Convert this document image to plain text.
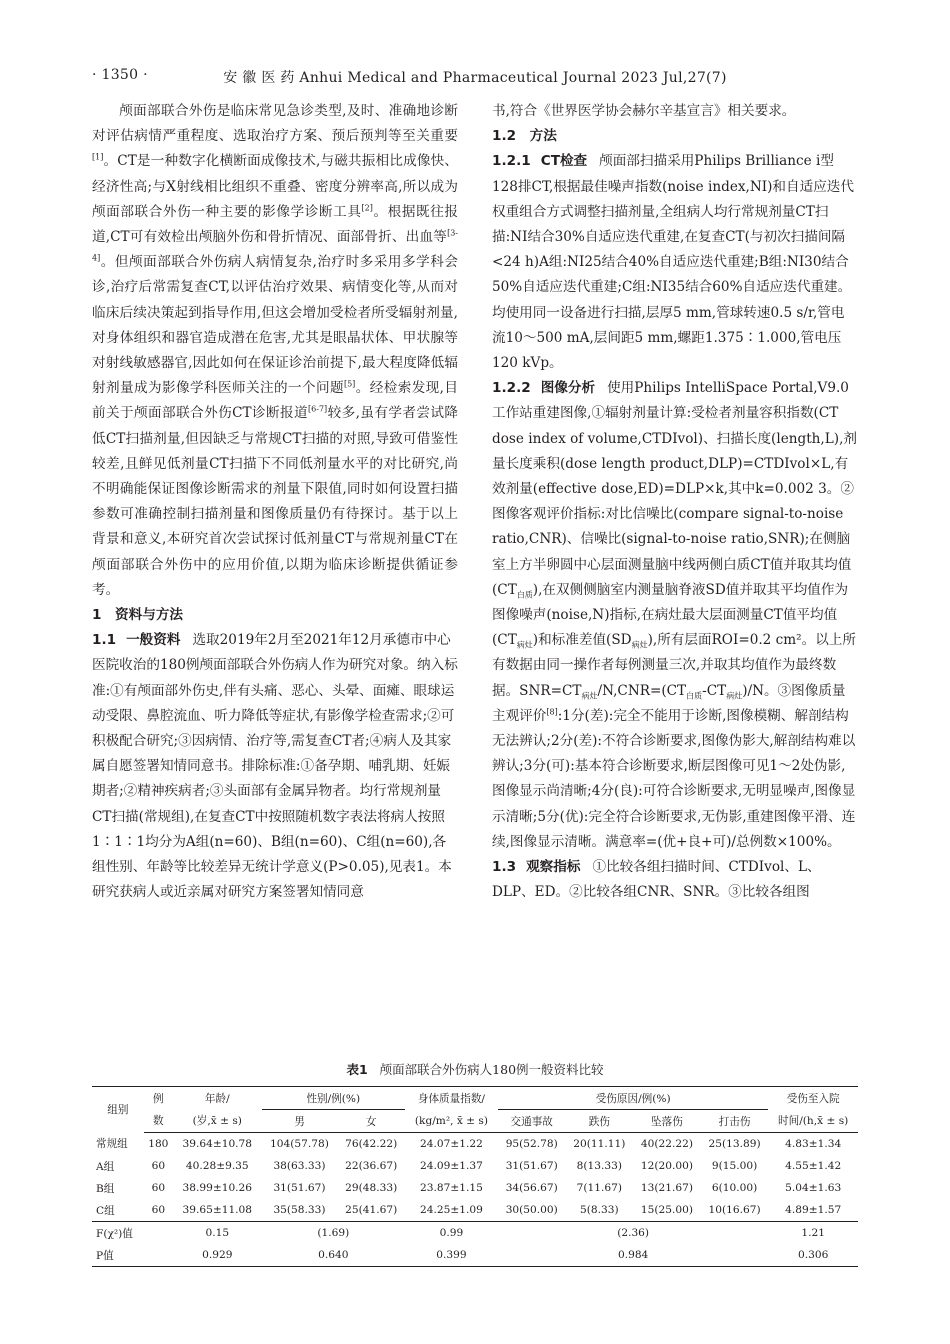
· 1350 ·	安 徽 医 药 Anhui Medical and Pharmaceutical Journal 2023 Jul,27(7)

颅面部联合外伤是临床常见急诊类型,及时、准确地诊断对评估病情严重程度、选取治疗方案、预后预判等至关重要[1]。CT是一种数字化横断面成像技术,与磁共振相比成像快、经济性高;与X射线相比组织不重叠、密度分辨率高,所以成为颅面部联合外伤一种主要的影像学诊断工具[2]。根据既往报道,CT可有效检出颅脑外伤和骨折情况、面部骨折、出血等[3-4]。但颅面部联合外伤病人病情复杂,治疗时多采用多学科会诊,治疗后常需复查CT,以评估治疗效果、病情变化等,从而对临床后续决策起到指导作用,但这会增加受检者所受辐射剂量,对身体组织和器官造成潜在危害,尤其是眼晶状体、甲状腺等对射线敏感器官,因此如何在保证诊治前提下,最大程度降低辐射剂量成为影像学科医师关注的一个问题[5]。经检索发现,目前关于颅面部联合外伤CT诊断报道[6-7]较多,虽有学者尝试降低CT扫描剂量,但因缺乏与常规CT扫描的对照,导致可借鉴性较差,且鲜见低剂量CT扫描下不同低剂量水平的对比研究,尚不明确能保证图像诊断需求的剂量下限值,同时如何设置扫描参数可准确控制扫描剂量和图像质量仍有待探讨。基于以上背景和意义,本研究首次尝试探讨低剂量CT与常规剂量CT在颅面部联合外伤中的应用价值,以期为临床诊断提供循证参考。

1　资料与方法

1.1 一般资料 选取2019年2月至2021年12月承德市中心医院收治的180例颅面部联合外伤病人作为研究对象。纳入标准:①有颅面部外伤史,伴有头痛、恶心、头晕、面瘫、眼球运动受限、鼻腔流血、听力降低等症状,有影像学检查需求;②可积极配合研究;③因病情、治疗等,需复查CT者;④病人及其家属自愿签署知情同意书。排除标准:①备孕期、哺乳期、妊娠期者;②精神疾病者;③头面部有金属异物者。均行常规剂量CT扫描(常规组),在复查CT中按照随机数字表法将病人按照1∶1∶1均分为A组(n=60)、B组(n=60)、C组(n=60),各组性别、年龄等比较差异无统计学意义(P>0.05),见表1。本研究获病人或近亲属对研究方案签署知情同意

书,符合《世界医学协会赫尔辛基宣言》相关要求。

1.2　方法

1.2.1 CT检查 颅面部扫描采用Philips Brilliance i型128排CT,根据最佳噪声指数(noise index,NI)和自适应迭代权重组合方式调整扫描剂量,全组病人均行常规剂量CT扫描:NI结合30%自适应迭代重建,在复查CT(与初次扫描间隔<24 h)A组:NI25结合40%自适应迭代重建;B组:NI30结合50%自适应迭代重建;C组:NI35结合60%自适应迭代重建。均使用同一设备进行扫描,层厚5 mm,管球转速0.5 s/r,管电流10～500 mA,层间距5 mm,螺距1.375∶1.000,管电压120 kVp。

1.2.2 图像分析 使用Philips IntelliSpace Portal,V9.0工作站重建图像,①辐射剂量计算:受检者剂量容积指数(CT dose index of volume,CTDIvol)、扫描长度(length,L),剂量长度乘积(dose length product,DLP)=CTDIvol×L,有效剂量(effective dose,ED)=DLP×k,其中k=0.002 3。②图像客观评价指标:对比信噪比(compare signal-to-noise ratio,CNR)、信噪比(signal-to-noise ratio,SNR);在侧脑室上方半卵圆中心层面测量脑中线两侧白质CT值并取其均值$(CT_{白质})$,在双侧侧脑室内测量脑脊液SD值并取其平均值作为图像噪声(noise,N)指标,在病灶最大层面测量CT值平均值$(CT_{病灶})$和标准差值$(SD_{病灶})$,所有层面ROI=0.2 cm²。以上所有数据由同一操作者每例测量三次,并取其均值作为最终数据。$SNR=CT_{病灶}/N,CNR=(CT_{白质}-CT_{病灶})/N$。③图像质量主观评价[8]:1分(差):完全不能用于诊断,图像模糊、解剖结构无法辨认;2分(差):不符合诊断要求,图像伪影大,解剖结构难以辨认;3分(可):基本符合诊断要求,断层图像可见1～2处伪影,图像显示尚清晰;4分(良):可符合诊断要求,无明显噪声,图像显示清晰;5分(优):完全符合诊断要求,无伪影,重建图像平滑、连续,图像显示清晰。满意率=(优+良+可)/总例数×100%。

1.3 观察指标 ①比较各组扫描时间、CTDIvol、L、DLP、ED。②比较各组CNR、SNR。③比较各组图

表1 颅面部联合外伤病人180例一般资料比较
组别	例	年龄/	性别/例(%)		身体质量指数/	受伤原因/例(%)				受伤至入院
	数	(岁,x̄ ± s)	男	女	(kg/m², x̄ ± s)	交通事故	跌伤	坠落伤	打击伤	时间/(h,x̄ ± s)
常规组	180	39.64±10.78	104(57.78)	76(42.22)	24.07±1.22	95(52.78)	20(11.11)	40(22.22)	25(13.89)	4.83±1.34
A组	60	40.28±9.35	38(63.33)	22(36.67)	24.09±1.37	31(51.67)	8(13.33)	12(20.00)	9(15.00)	4.55±1.42
B组	60	38.99±10.26	31(51.67)	29(48.33)	23.87±1.15	34(56.67)	7(11.67)	13(21.67)	6(10.00)	5.04±1.63
C组	60	39.65±11.08	35(58.33)	25(41.67)	24.25±1.09	30(50.00)	5(8.33)	15(25.00)	10(16.67)	4.89±1.57
F(χ²)值		0.15	(1.69)		0.99	(2.36)				1.21
P值		0.929	0.640		0.399	0.984				0.306
